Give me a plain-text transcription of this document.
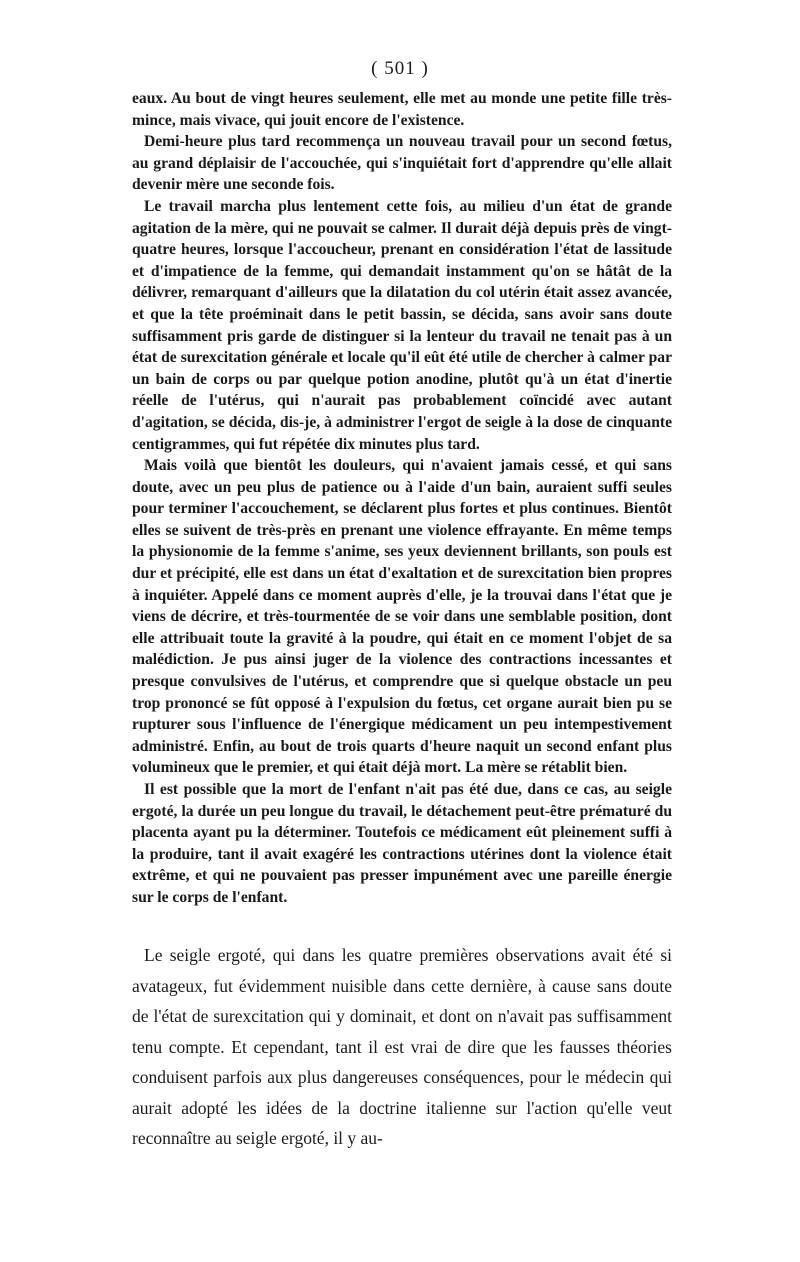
( 501 )

eaux. Au bout de vingt heures seulement, elle met au monde une petite fille très-mince, mais vivace, qui jouit encore de l'existence.

Demi-heure plus tard recommença un nouveau travail pour un second fœtus, au grand déplaisir de l'accouchée, qui s'inquiétait fort d'apprendre qu'elle allait devenir mère une seconde fois.

Le travail marcha plus lentement cette fois, au milieu d'un état de grande agitation de la mère, qui ne pouvait se calmer. Il durait déjà depuis près de vingt-quatre heures, lorsque l'accoucheur, prenant en considération l'état de lassitude et d'impatience de la femme, qui demandait instamment qu'on se hâtât de la délivrer, remarquant d'ailleurs que la dilatation du col utérin était assez avancée, et que la tête proéminait dans le petit bassin, se décida, sans avoir sans doute suffisamment pris garde de distinguer si la lenteur du travail ne tenait pas à un état de surexcitation générale et locale qu'il eût été utile de chercher à calmer par un bain de corps ou par quelque potion anodine, plutôt qu'à un état d'inertie réelle de l'utérus, qui n'aurait pas probablement coïncidé avec autant d'agitation, se décida, dis-je, à administrer l'ergot de seigle à la dose de cinquante centigrammes, qui fut répétée dix minutes plus tard.

Mais voilà que bientôt les douleurs, qui n'avaient jamais cessé, et qui sans doute, avec un peu plus de patience ou à l'aide d'un bain, auraient suffi seules pour terminer l'accouchement, se déclarent plus fortes et plus continues. Bientôt elles se suivent de très-près en prenant une violence effrayante. En même temps la physionomie de la femme s'anime, ses yeux deviennent brillants, son pouls est dur et précipité, elle est dans un état d'exaltation et de surexcitation bien propres à inquiéter. Appelé dans ce moment auprès d'elle, je la trouvai dans l'état que je viens de décrire, et très-tourmentée de se voir dans une semblable position, dont elle attribuait toute la gravité à la poudre, qui était en ce moment l'objet de sa malédiction. Je pus ainsi juger de la violence des contractions incessantes et presque convulsives de l'utérus, et comprendre que si quelque obstacle un peu trop prononcé se fût opposé à l'expulsion du fœtus, cet organe aurait bien pu se rupturer sous l'influence de l'énergique médicament un peu intempestivement administré. Enfin, au bout de trois quarts d'heure naquit un second enfant plus volumineux que le premier, et qui était déjà mort. La mère se rétablit bien.

Il est possible que la mort de l'enfant n'ait pas été due, dans ce cas, au seigle ergoté, la durée un peu longue du travail, le détachement peut-être prématuré du placenta ayant pu la déterminer. Toutefois ce médicament eût pleinement suffi à la produire, tant il avait exagéré les contractions utérines dont la violence était extrême, et qui ne pouvaient pas presser impunément avec une pareille énergie sur le corps de l'enfant.

Le seigle ergoté, qui dans les quatre premières observations avait été si avatageux, fut évidemment nuisible dans cette dernière, à cause sans doute de l'état de surexcitation qui y dominait, et dont on n'avait pas suffisamment tenu compte. Et cependant, tant il est vrai de dire que les fausses théories conduisent parfois aux plus dangereuses conséquences, pour le médecin qui aurait adopté les idées de la doctrine italienne sur l'action qu'elle veut reconnaître au seigle ergoté, il y au-
